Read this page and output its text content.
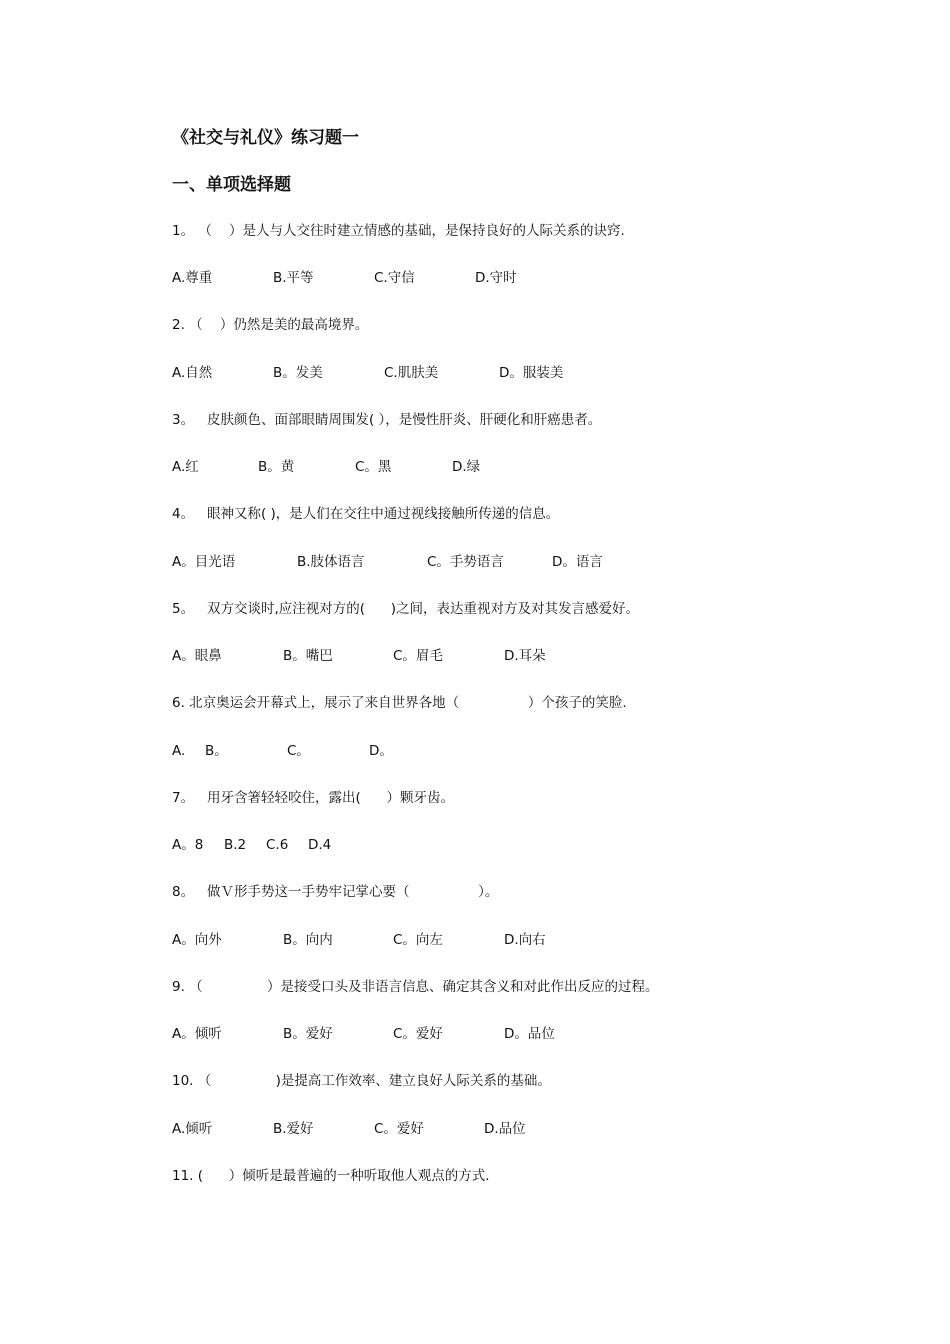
《社交与礼仪》练习题一
一、单项选择题
1。 （    ）是人与人交往时建立情感的基础，是保持良好的人际关系的诀窍.
A.尊重	B.平等	C.守信	D.守时
2. （    ）仍然是美的最高境界。
A.自然	B。发美	C.肌肤美	D。服装美
3。   皮肤颜色、面部眼睛周围发( ），是慢性肝炎、肝硬化和肝癌患者。
A.红	B。黄	C。黑	D.绿
4。   眼神又称( )，是人们在交往中通过视线接触所传递的信息。
A。目光语	B.肢体语言	C。手势语言	D。语言
5。   双方交谈时,应注视对方的(      )之间，表达重视对方及对其发言感爱好。
A。眼鼻	B。嘴巴	C。眉毛	D.耳朵
6. 北京奥运会开幕式上，展示了来自世界各地（                ）个孩子的笑脸.
A. B。	C。	D。
7。   用牙含箸轻轻咬住，露出(      ）颗牙齿。
A。8 B.2 C.6 D.4
8。   做Ｖ形手势这一手势牢记掌心要（                ）。
A。向外	B。向内	C。向左	D.向右
9. （               ）是接受口头及非语言信息、确定其含义和对此作出反应的过程。
A。倾听	B。爱好	C。爱好	D。品位
10. （               )是提高工作效率、建立良好人际关系的基础。
A.倾听	B.爱好	C。爱好	D.品位
11. (      ）倾听是最普遍的一种听取他人观点的方式.
